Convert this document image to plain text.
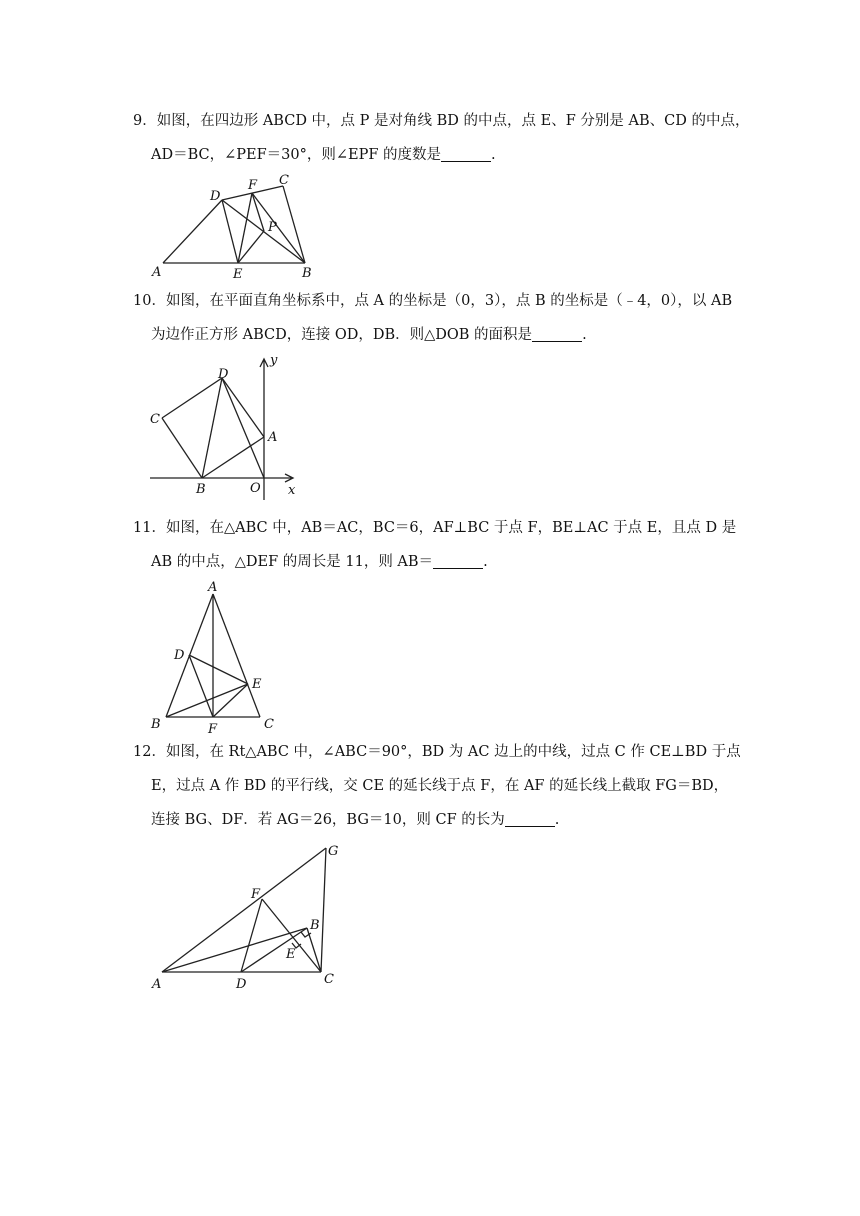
9．如图，在四边形 ABCD 中，点 P 是对角线 BD 的中点，点 E、F 分别是 AB、CD 的中点，
AD＝BC，∠PEF＝30°，则∠EPF 的度数是	.
A	B
C
D
E
F
P
10．如图，在平面直角坐标系中，点 A 的坐标是（0，3），点 B 的坐标是（﹣4，0），以 AB
为边作正方形 ABCD，连接 OD，DB．则△DOB 的面积是	.
A
B
C
D
O x
y
11．如图，在△ABC 中，AB＝AC，BC＝6，AF⊥BC 于点 F，BE⊥AC 于点 E，且点 D 是
AB 的中点，△DEF 的周长是 11，则 AB＝	.
A
B	C
D
E
F
12．如图，在 Rt△ABC 中，∠ABC＝90°，BD 为 AC 边上的中线，过点 C 作 CE⊥BD 于点
E，过点 A 作 BD 的平行线，交 CE 的延长线于点 F，在 AF 的延长线上截取 FG＝BD，
连接 BG、DF．若 AG＝26，BG＝10，则 CF 的长为	.
A
B
C
D
E
F
G
